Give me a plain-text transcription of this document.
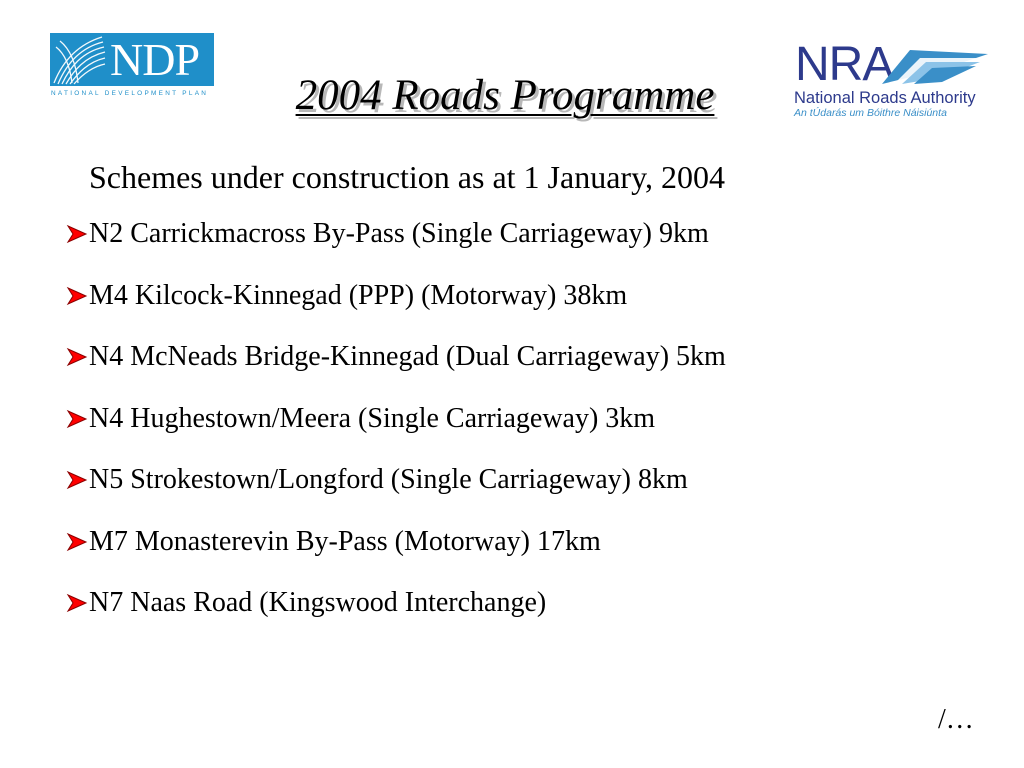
NDP
NATIONAL DEVELOPMENT PLAN
NRA
National Roads Authority
An tÚdarás um Bóithre Náisiúnta
2004 Roads Programme
Schemes under construction as at 1 January, 2004
N2 Carrickmacross By-Pass (Single Carriageway) 9km
M4 Kilcock-Kinnegad (PPP) (Motorway) 38km
N4 McNeads Bridge-Kinnegad (Dual Carriageway) 5km
N4 Hughestown/Meera (Single Carriageway) 3km
N5 Strokestown/Longford (Single Carriageway) 8km
M7 Monasterevin By-Pass (Motorway) 17km
N7 Naas Road (Kingswood Interchange)
/…
